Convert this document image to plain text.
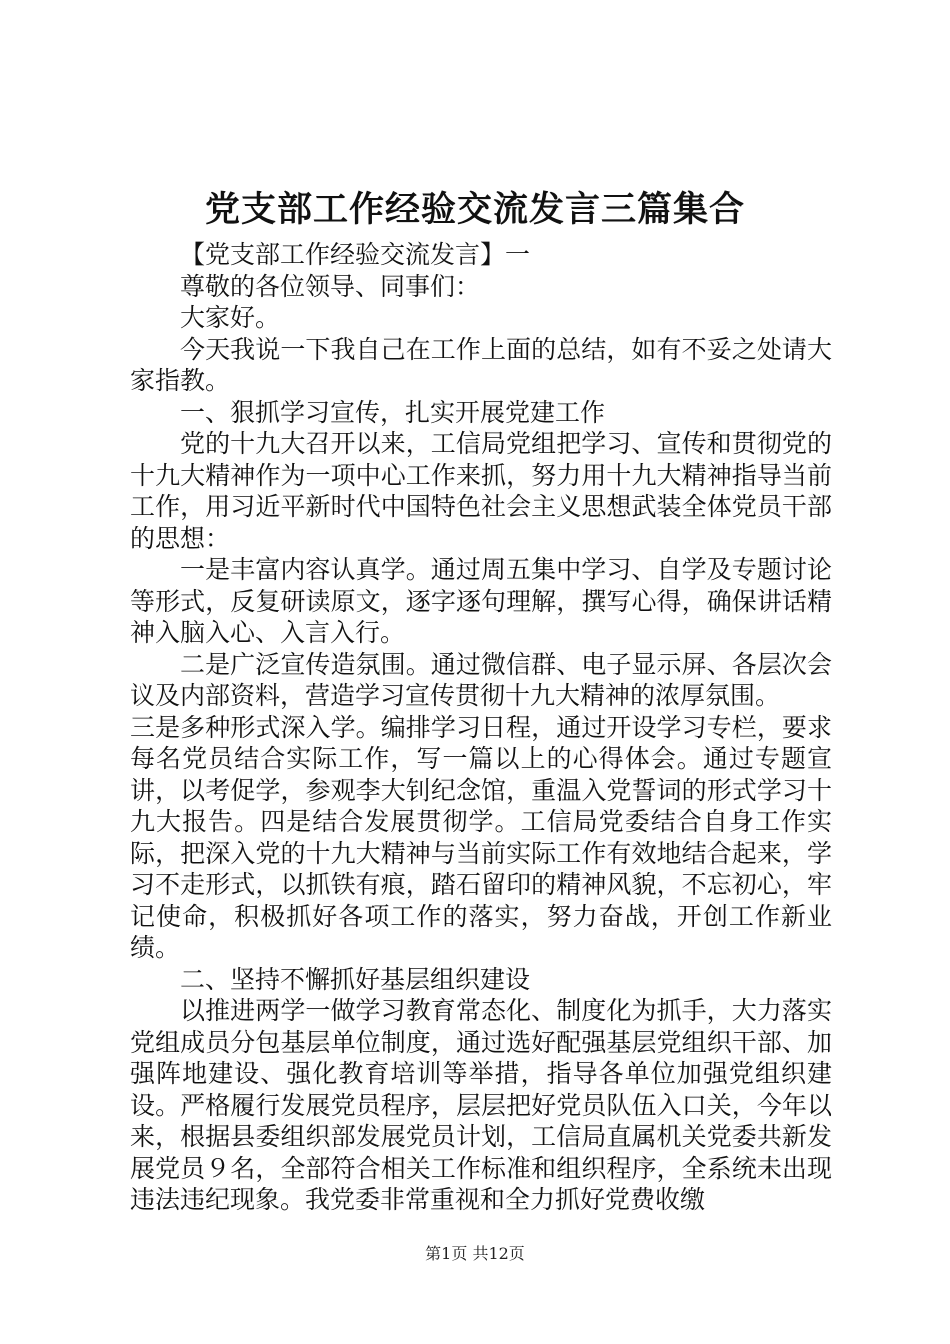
党支部工作经验交流发言三篇集合

【党支部工作经验交流发言】一

尊敬的各位领导、同事们：

大家好。

今天我说一下我自己在工作上面的总结，如有不妥之处请大家指教。

一、狠抓学习宣传，扎实开展党建工作

党的十九大召开以来，工信局党组把学习、宣传和贯彻党的十九大精神作为一项中心工作来抓，努力用十九大精神指导当前工作，用习近平新时代中国特色社会主义思想武装全体党员干部的思想：

一是丰富内容认真学。通过周五集中学习、自学及专题讨论等形式，反复研读原文，逐字逐句理解，撰写心得，确保讲话精神入脑入心、入言入行。

二是广泛宣传造氛围。通过微信群、电子显示屏、各层次会议及内部资料，营造学习宣传贯彻十九大精神的浓厚氛围。

三是多种形式深入学。编排学习日程，通过开设学习专栏，要求每名党员结合实际工作，写一篇以上的心得体会。通过专题宣讲，以考促学，参观李大钊纪念馆，重温入党誓词的形式学习十九大报告。四是结合发展贯彻学。工信局党委结合自身工作实际，把深入党的十九大精神与当前实际工作有效地结合起来，学习不走形式，以抓铁有痕，踏石留印的精神风貌，不忘初心，牢记使命，积极抓好各项工作的落实，努力奋战，开创工作新业绩。

二、坚持不懈抓好基层组织建设

以推进两学一做学习教育常态化、制度化为抓手，大力落实党组成员分包基层单位制度，通过选好配强基层党组织干部、加强阵地建设、强化教育培训等举措，指导各单位加强党组织建设。严格履行发展党员程序，层层把好党员队伍入口关，今年以来，根据县委组织部发展党员计划，工信局直属机关党委共新发展党员９名，全部符合相关工作标准和组织程序，全系统未出现违法违纪现象。我党委非常重视和全力抓好党费收缴

第1页 共12页
